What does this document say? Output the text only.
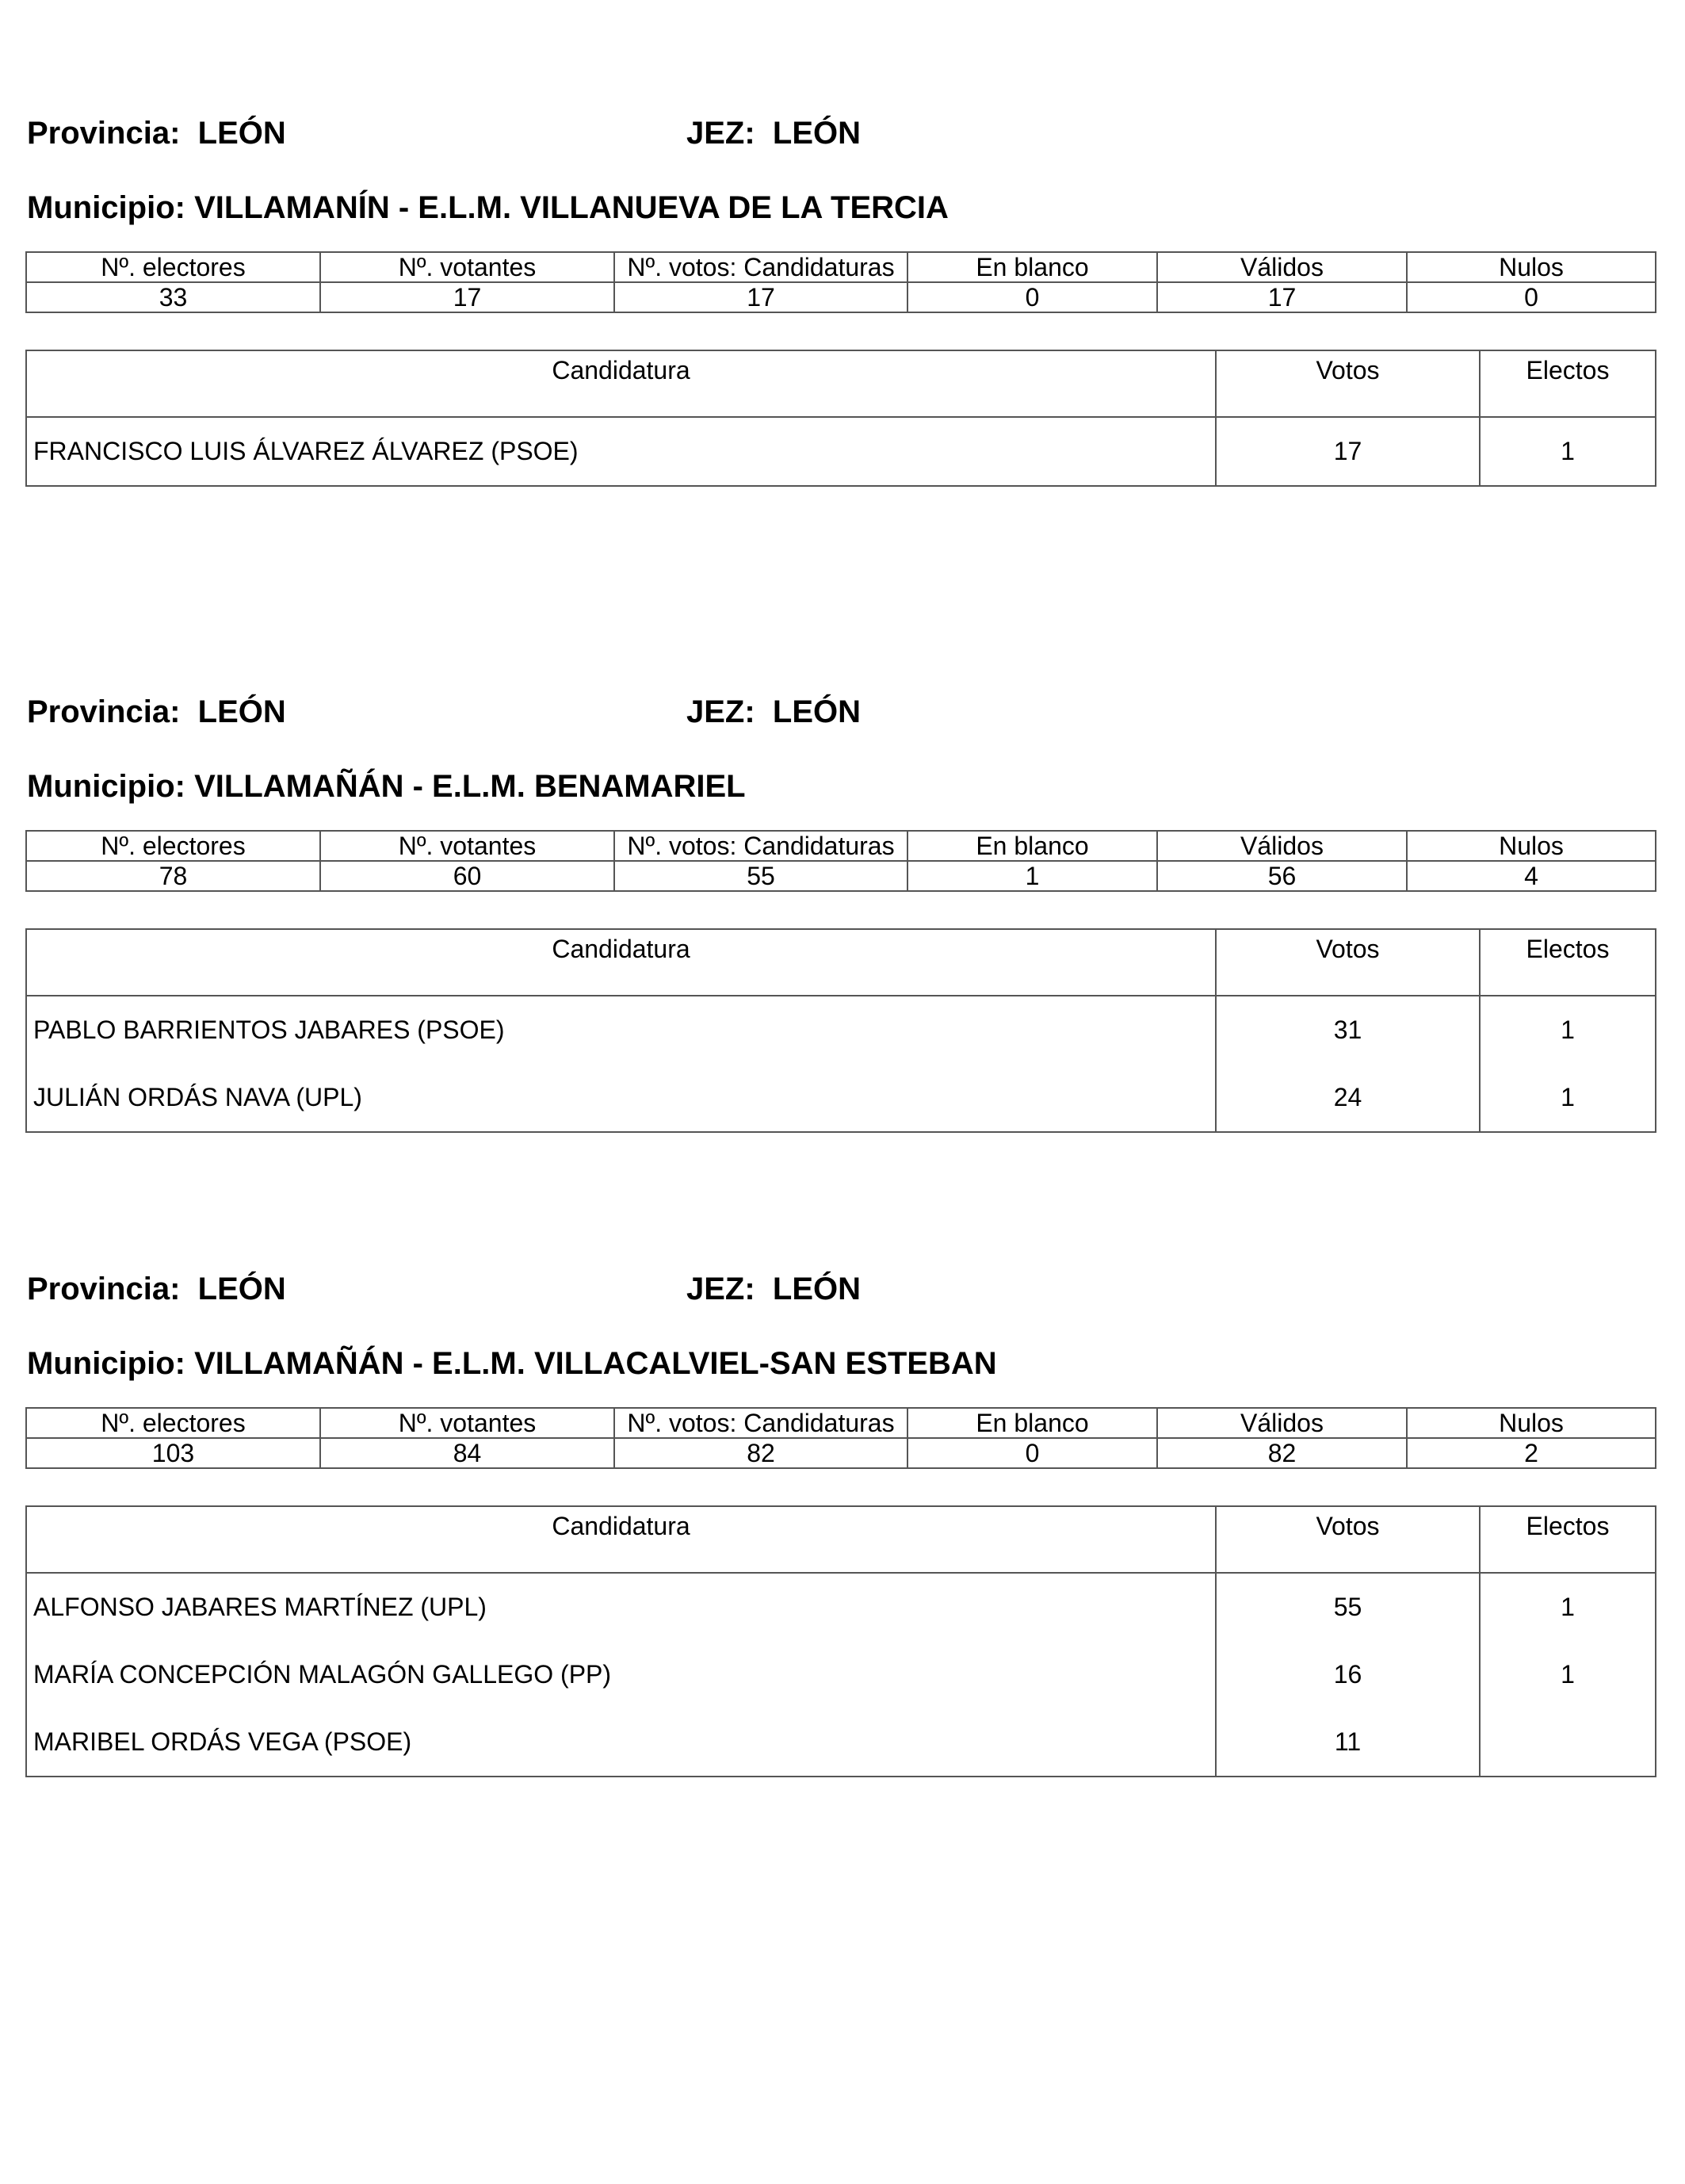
Provincia: LEÓN	JEZ: LEÓN
Municipio: VILLAMANÍN - E.L.M. VILLANUEVA DE LA TERCIA
Nº. electores	Nº. votantes	Nº. votos: Candidaturas	En blanco	Válidos	Nulos
33	17	17	0	17	0
Candidatura	Votos	Electos
FRANCISCO LUIS ÁLVAREZ ÁLVAREZ (PSOE)	17	1
Provincia: LEÓN	JEZ: LEÓN
Municipio: VILLAMAÑÁN - E.L.M. BENAMARIEL
Nº. electores	Nº. votantes	Nº. votos: Candidaturas	En blanco	Válidos	Nulos
78	60	55	1	56	4
Candidatura	Votos	Electos
PABLO BARRIENTOS JABARES (PSOE)	31	1
JULIÁN ORDÁS NAVA (UPL)	24	1
Provincia: LEÓN	JEZ: LEÓN
Municipio: VILLAMAÑÁN - E.L.M. VILLACALVIEL-SAN ESTEBAN
Nº. electores	Nº. votantes	Nº. votos: Candidaturas	En blanco	Válidos	Nulos
103	84	82	0	82	2
Candidatura	Votos	Electos
ALFONSO JABARES MARTÍNEZ (UPL)	55	1
MARÍA CONCEPCIÓN MALAGÓN GALLEGO (PP)	16	1
MARIBEL ORDÁS VEGA (PSOE)	11	
